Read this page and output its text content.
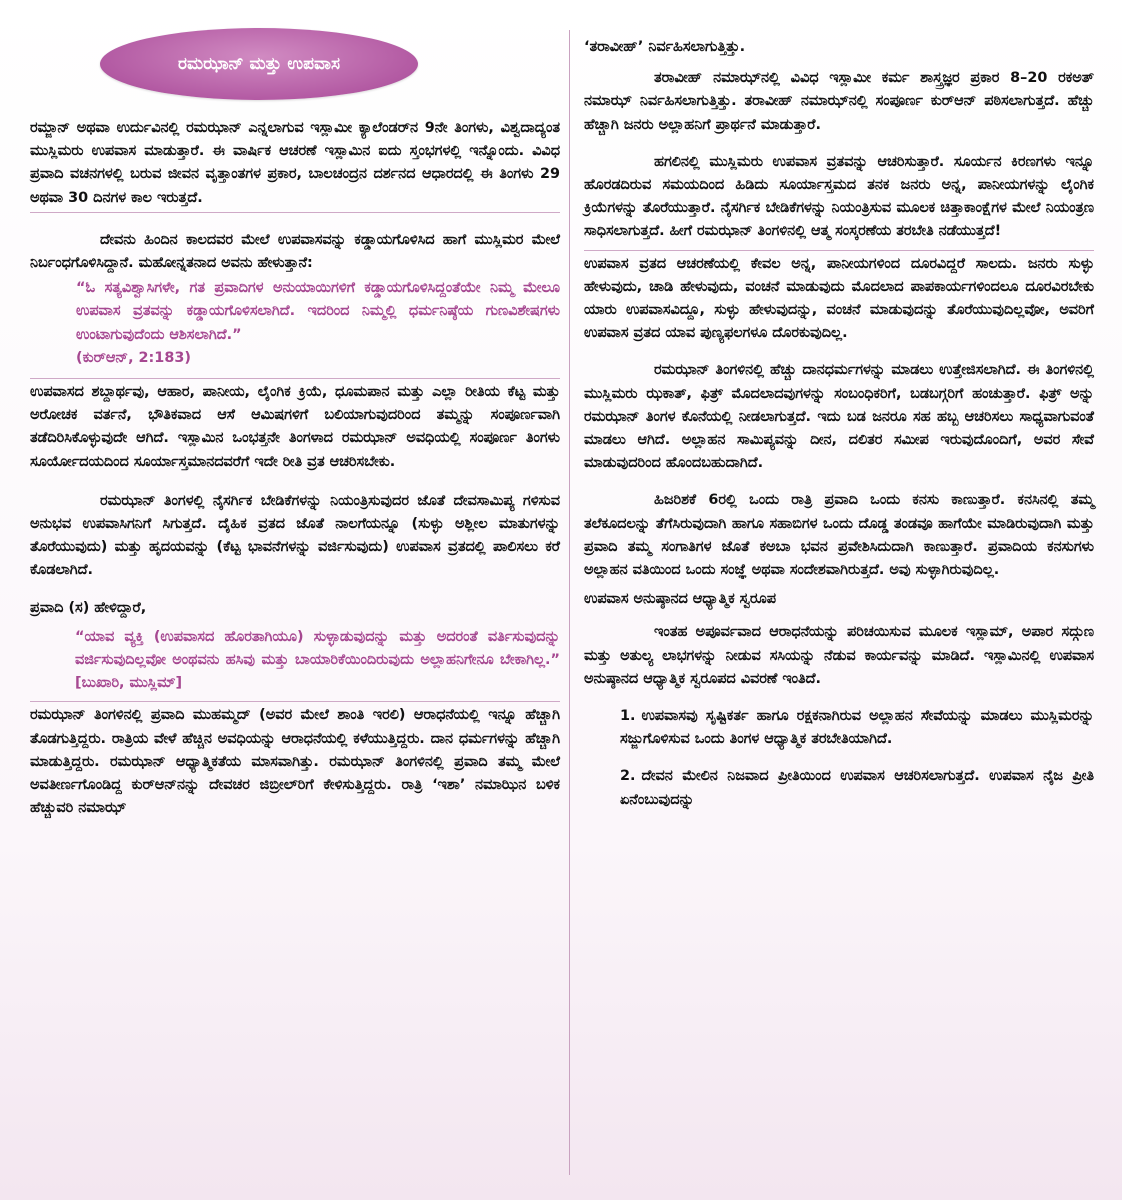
ರಮಝಾನ್ ಮತ್ತು ಉಪವಾಸ

ರಮ್ಜಾನ್ ಅಥವಾ ಉರ್ದುವಿನಲ್ಲಿ ರಮಝಾನ್ ಎನ್ನಲಾಗುವ ಇಸ್ಲಾಮೀ ಕ್ಯಾಲೆಂಡರ್‌ನ 9ನೇ ತಿಂಗಳು, ವಿಶ್ವದಾದ್ಯಂತ ಮುಸ್ಲಿಮರು ಉಪವಾಸ ಮಾಡುತ್ತಾರೆ. ಈ ವಾರ್ಷಿಕ ಆಚರಣೆ ಇಸ್ಲಾಮಿನ ಐದು ಸ್ತಂಭಗಳಲ್ಲಿ ಇನ್ನೊಂದು. ವಿವಿಧ ಪ್ರವಾದಿ ವಚನಗಳಲ್ಲಿ ಬರುವ ಜೀವನ ವೃತ್ತಾಂತಗಳ ಪ್ರಕಾರ, ಬಾಲಚಂದ್ರನ ದರ್ಶನದ ಆಧಾರದಲ್ಲಿ ಈ ತಿಂಗಳು 29 ಅಥವಾ 30 ದಿನಗಳ ಕಾಲ ಇರುತ್ತದೆ.

ದೇವನು ಹಿಂದಿನ ಕಾಲದವರ ಮೇಲೆ ಉಪವಾಸವನ್ನು ಕಡ್ಡಾಯಗೊಳಿಸಿದ ಹಾಗೆ ಮುಸ್ಲಿಮರ ಮೇಲೆ ನಿರ್ಬಂಧಗೊಳಿಸಿದ್ದಾನೆ. ಮಹೋನ್ನತನಾದ ಅವನು ಹೇಳುತ್ತಾನೆ:

“ಓ ಸತ್ಯವಿಶ್ವಾಸಿಗಳೇ, ಗತ ಪ್ರವಾದಿಗಳ ಅನುಯಾಯಿಗಳಿಗೆ ಕಡ್ಡಾಯಗೊಳಿಸಿದ್ದಂತೆಯೇ ನಿಮ್ಮ ಮೇಲೂ ಉಪವಾಸ ವ್ರತವನ್ನು ಕಡ್ಡಾಯಗೊಳಿಸಲಾಗಿದೆ. ಇದರಿಂದ ನಿಮ್ಮಲ್ಲಿ ಧರ್ಮನಿಷ್ಠೆಯ ಗುಣವಿಶೇಷಗಳು ಉಂಟಾಗುವುದೆಂದು ಆಶಿಸಲಾಗಿದೆ.”
(ಕುರ್‌ಆನ್, 2:183)

ಉಪವಾಸದ ಶಬ್ದಾರ್ಥವು, ಆಹಾರ, ಪಾನೀಯ, ಲೈಂಗಿಕ ಕ್ರಿಯೆ, ಧೂಮಪಾನ ಮತ್ತು ಎಲ್ಲಾ ರೀತಿಯ ಕೆಟ್ಟ ಮತ್ತು ಅರೋಚಕ ವರ್ತನೆ, ಭೌತಿಕವಾದ ಆಸೆ ಆಮಿಷಗಳಿಗೆ ಬಲಿಯಾಗುವುದರಿಂದ ತಮ್ಮನ್ನು ಸಂಪೂರ್ಣವಾಗಿ ತಡೆದಿರಿಸಿಕೊಳ್ಳುವುದೇ ಆಗಿದೆ. ಇಸ್ಲಾಮಿನ ಒಂಭತ್ತನೇ ತಿಂಗಳಾದ ರಮಝಾನ್ ಅವಧಿಯಲ್ಲಿ ಸಂಪೂರ್ಣ ತಿಂಗಳು ಸೂರ್ಯೋದಯದಿಂದ ಸೂರ್ಯಾಸ್ತಮಾನದವರೆಗೆ ಇದೇ ರೀತಿ ವ್ರತ ಆಚರಿಸಬೇಕು.

ರಮಝಾನ್ ತಿಂಗಳಲ್ಲಿ ನೈಸರ್ಗಿಕ ಬೇಡಿಕೆಗಳನ್ನು ನಿಯಂತ್ರಿಸುವುದರ ಜೊತೆ ದೇವಸಾಮಿಪ್ಯ ಗಳಿಸುವ ಅನುಭವ ಉಪವಾಸಿಗನಿಗೆ ಸಿಗುತ್ತದೆ. ದೈಹಿಕ ವ್ರತದ ಜೊತೆ ನಾಲಗೆಯನ್ನೂ (ಸುಳ್ಳು ಅಶ್ಲೀಲ ಮಾತುಗಳನ್ನು ತೊರೆಯುವುದು) ಮತ್ತು ಹೃದಯವನ್ನು (ಕೆಟ್ಟ ಭಾವನೆಗಳನ್ನು ವರ್ಜಿಸುವುದು) ಉಪವಾಸ ವ್ರತದಲ್ಲಿ ಪಾಲಿಸಲು ಕರೆ ಕೊಡಲಾಗಿದೆ.

ಪ್ರವಾದಿ (ಸ) ಹೇಳಿದ್ದಾರೆ,

“ಯಾವ ವ್ಯಕ್ತಿ (ಉಪವಾಸದ ಹೊರತಾಗಿಯೂ) ಸುಳ್ಳಾಡುವುದನ್ನು ಮತ್ತು ಅದರಂತೆ ವರ್ತಿಸುವುದನ್ನು ವರ್ಜಿಸುವುದಿಲ್ಲವೋ ಅಂಥವನು ಹಸಿವು ಮತ್ತು ಬಾಯಾರಿಕೆಯಿಂದಿರುವುದು ಅಲ್ಲಾಹನಿಗೇನೂ ಬೇಕಾಗಿಲ್ಲ.” [ಬುಖಾರಿ, ಮುಸ್ಲಿಮ್]

ರಮಝಾನ್ ತಿಂಗಳಿನಲ್ಲಿ ಪ್ರವಾದಿ ಮುಹಮ್ಮದ್ (ಅವರ ಮೇಲೆ ಶಾಂತಿ ಇರಲಿ) ಆರಾಧನೆಯಲ್ಲಿ ಇನ್ನೂ ಹೆಚ್ಚಾಗಿ ತೊಡಗುತ್ತಿದ್ದರು. ರಾತ್ರಿಯ ವೇಳೆ ಹೆಚ್ಚಿನ ಅವಧಿಯನ್ನು ಆರಾಧನೆಯಲ್ಲಿ ಕಳೆಯುತ್ತಿದ್ದರು. ದಾನ ಧರ್ಮಗಳನ್ನು ಹೆಚ್ಚಾಗಿ ಮಾಡುತ್ತಿದ್ದರು. ರಮಝಾನ್ ಆಧ್ಯಾತ್ಮಿಕತೆಯ ಮಾಸವಾಗಿತ್ತು. ರಮಝಾನ್ ತಿಂಗಳಿನಲ್ಲಿ ಪ್ರವಾದಿ ತಮ್ಮ ಮೇಲೆ ಅವತೀರ್ಣಗೊಂಡಿದ್ದ ಕುರ್‌ಆನ್‌ನನ್ನು ದೇವಚರ ಜಿಬ್ರೀಲ್‌ರಿಗೆ ಕೇಳಿಸುತ್ತಿದ್ದರು. ರಾತ್ರಿ ‘ಇಶಾ’ ನಮಾಝಿನ ಬಳಿಕ ಹೆಚ್ಚುವರಿ ನಮಾಝ್

‘ತರಾವೀಹ್’ ನಿರ್ವಹಿಸಲಾಗುತ್ತಿತ್ತು.

ತರಾವೀಹ್ ನಮಾಝ್‌ನಲ್ಲಿ ವಿವಿಧ ಇಸ್ಲಾಮೀ ಕರ್ಮ ಶಾಸ್ತ್ರಜ್ಞರ ಪ್ರಕಾರ 8–20 ರಕಅತ್ ನಮಾಝ್ ನಿರ್ವಹಿಸಲಾಗುತ್ತಿತ್ತು. ತರಾವೀಹ್ ನಮಾಝ್‌ನಲ್ಲಿ ಸಂಪೂರ್ಣ ಕುರ್‌ಆನ್ ಪಠಿಸಲಾಗುತ್ತದೆ. ಹೆಚ್ಚು ಹೆಚ್ಚಾಗಿ ಜನರು ಅಲ್ಲಾಹನಿಗೆ ಪ್ರಾರ್ಥನೆ ಮಾಡುತ್ತಾರೆ.

ಹಗಲಿನಲ್ಲಿ ಮುಸ್ಲಿಮರು ಉಪವಾಸ ವ್ರತವನ್ನು ಆಚರಿಸುತ್ತಾರೆ. ಸೂರ್ಯನ ಕಿರಣಗಳು ಇನ್ನೂ ಹೊರಡದಿರುವ ಸಮಯದಿಂದ ಹಿಡಿದು ಸೂರ್ಯಾಸ್ತಮದ ತನಕ ಜನರು ಅನ್ನ, ಪಾನೀಯಗಳನ್ನು ಲೈಂಗಿಕ ಕ್ರಿಯೆಗಳನ್ನು ತೊರೆಯುತ್ತಾರೆ. ನೈಸರ್ಗಿಕ ಬೇಡಿಕೆಗಳನ್ನು ನಿಯಂತ್ರಿಸುವ ಮೂಲಕ ಚಿತ್ತಾಕಾಂಕ್ಷೆಗಳ ಮೇಲೆ ನಿಯಂತ್ರಣ ಸಾಧಿಸಲಾಗುತ್ತದೆ. ಹೀಗೆ ರಮಝಾನ್ ತಿಂಗಳಿನಲ್ಲಿ ಆತ್ಮ ಸಂಸ್ಕರಣೆಯ ತರಬೇತಿ ನಡೆಯುತ್ತದೆ!

ಉಪವಾಸ ವ್ರತದ ಆಚರಣೆಯಲ್ಲಿ ಕೇವಲ ಅನ್ನ, ಪಾನೀಯಗಳಿಂದ ದೂರವಿದ್ದರೆ ಸಾಲದು. ಜನರು ಸುಳ್ಳು ಹೇಳುವುದು, ಚಾಡಿ ಹೇಳುವುದು, ವಂಚನೆ ಮಾಡುವುದು ಮೊದಲಾದ ಪಾಪಕಾರ್ಯಗಳಿಂದಲೂ ದೂರವಿರಬೇಕು ಯಾರು ಉಪವಾಸವಿದ್ದೂ, ಸುಳ್ಳು ಹೇಳುವುದನ್ನು, ವಂಚನೆ ಮಾಡುವುದನ್ನು ತೊರೆಯುವುದಿಲ್ಲವೋ, ಅವರಿಗೆ ಉಪವಾಸ ವ್ರತದ ಯಾವ ಪುಣ್ಯಫಲಗಳೂ ದೊರಕುವುದಿಲ್ಲ.

ರಮಝಾನ್ ತಿಂಗಳಿನಲ್ಲಿ ಹೆಚ್ಚು ದಾನಧರ್ಮಗಳನ್ನು ಮಾಡಲು ಉತ್ತೇಜಿಸಲಾಗಿದೆ. ಈ ತಿಂಗಳಿನಲ್ಲಿ ಮುಸ್ಲಿಮರು ಝಕಾತ್, ಫಿತ್ರ್ ಮೊದಲಾದವುಗಳನ್ನು ಸಂಬಂಧಿಕರಿಗೆ, ಬಡಬಗ್ಗರಿಗೆ ಹಂಚುತ್ತಾರೆ. ಫಿತ್ರ್ ಅನ್ನು ರಮಝಾನ್ ತಿಂಗಳ ಕೊನೆಯಲ್ಲಿ ನೀಡಲಾಗುತ್ತದೆ. ಇದು ಬಡ ಜನರೂ ಸಹ ಹಬ್ಬ ಆಚರಿಸಲು ಸಾಧ್ಯವಾಗುವಂತೆ ಮಾಡಲು ಆಗಿದೆ. ಅಲ್ಲಾಹನ ಸಾಮಿಪ್ಯವನ್ನು ದೀನ, ದಲಿತರ ಸಮೀಪ ಇರುವುದೊಂದಿಗೆ, ಅವರ ಸೇವೆ ಮಾಡುವುದರಿಂದ ಹೊಂದಬಹುದಾಗಿದೆ.

ಹಿಜರಿಶಕೆ 6ರಲ್ಲಿ ಒಂದು ರಾತ್ರಿ ಪ್ರವಾದಿ ಒಂದು ಕನಸು ಕಾಣುತ್ತಾರೆ. ಕನಸಿನಲ್ಲಿ ತಮ್ಮ ತಲೆಕೂದಲನ್ನು ತೆಗೆಸಿರುವುದಾಗಿ ಹಾಗೂ ಸಹಾಬಿಗಳ ಒಂದು ದೊಡ್ಡ ತಂಡವೂ ಹಾಗೆಯೇ ಮಾಡಿರುವುದಾಗಿ ಮತ್ತು ಪ್ರವಾದಿ ತಮ್ಮ ಸಂಗಾತಿಗಳ ಜೊತೆ ಕಅಬಾ ಭವನ ಪ್ರವೇಶಿಸಿದುದಾಗಿ ಕಾಣುತ್ತಾರೆ. ಪ್ರವಾದಿಯ ಕನಸುಗಳು ಅಲ್ಲಾಹನ ವತಿಯಿಂದ ಒಂದು ಸಂಜ್ಞೆ ಅಥವಾ ಸಂದೇಶವಾಗಿರುತ್ತದೆ. ಅವು ಸುಳ್ಳಾಗಿರುವುದಿಲ್ಲ.

ಉಪವಾಸ ಅನುಷ್ಠಾನದ ಆಧ್ಯಾತ್ಮಿಕ ಸ್ವರೂಪ

ಇಂತಹ ಅಪೂರ್ವವಾದ ಆರಾಧನೆಯನ್ನು ಪರಿಚಯಿಸುವ ಮೂಲಕ ಇಸ್ಲಾಮ್, ಅಪಾರ ಸದ್ಗುಣ ಮತ್ತು ಅತುಲ್ಯ ಲಾಭಗಳನ್ನು ನೀಡುವ ಸಸಿಯನ್ನು ನೆಡುವ ಕಾರ್ಯವನ್ನು ಮಾಡಿದೆ. ಇಸ್ಲಾಮಿನಲ್ಲಿ ಉಪವಾಸ ಅನುಷ್ಠಾನದ ಆಧ್ಯಾತ್ಮಿಕ ಸ್ವರೂಪದ ವಿವರಣೆ ಇಂತಿದೆ.

1. ಉಪವಾಸವು ಸೃಷ್ಟಿಕರ್ತ ಹಾಗೂ ರಕ್ಷಕನಾಗಿರುವ ಅಲ್ಲಾಹನ ಸೇವೆಯನ್ನು ಮಾಡಲು ಮುಸ್ಲಿಮರನ್ನು ಸಜ್ಜುಗೊಳಿಸುವ ಒಂದು ತಿಂಗಳ ಆಧ್ಯಾತ್ಮಿಕ ತರಬೇತಿಯಾಗಿದೆ.

2. ದೇವನ ಮೇಲಿನ ನಿಜವಾದ ಪ್ರೀತಿಯಿಂದ ಉಪವಾಸ ಆಚರಿಸಲಾಗುತ್ತದೆ. ಉಪವಾಸ ನೈಜ ಪ್ರೀತಿ ಏನೆಂಬುವುದನ್ನು
